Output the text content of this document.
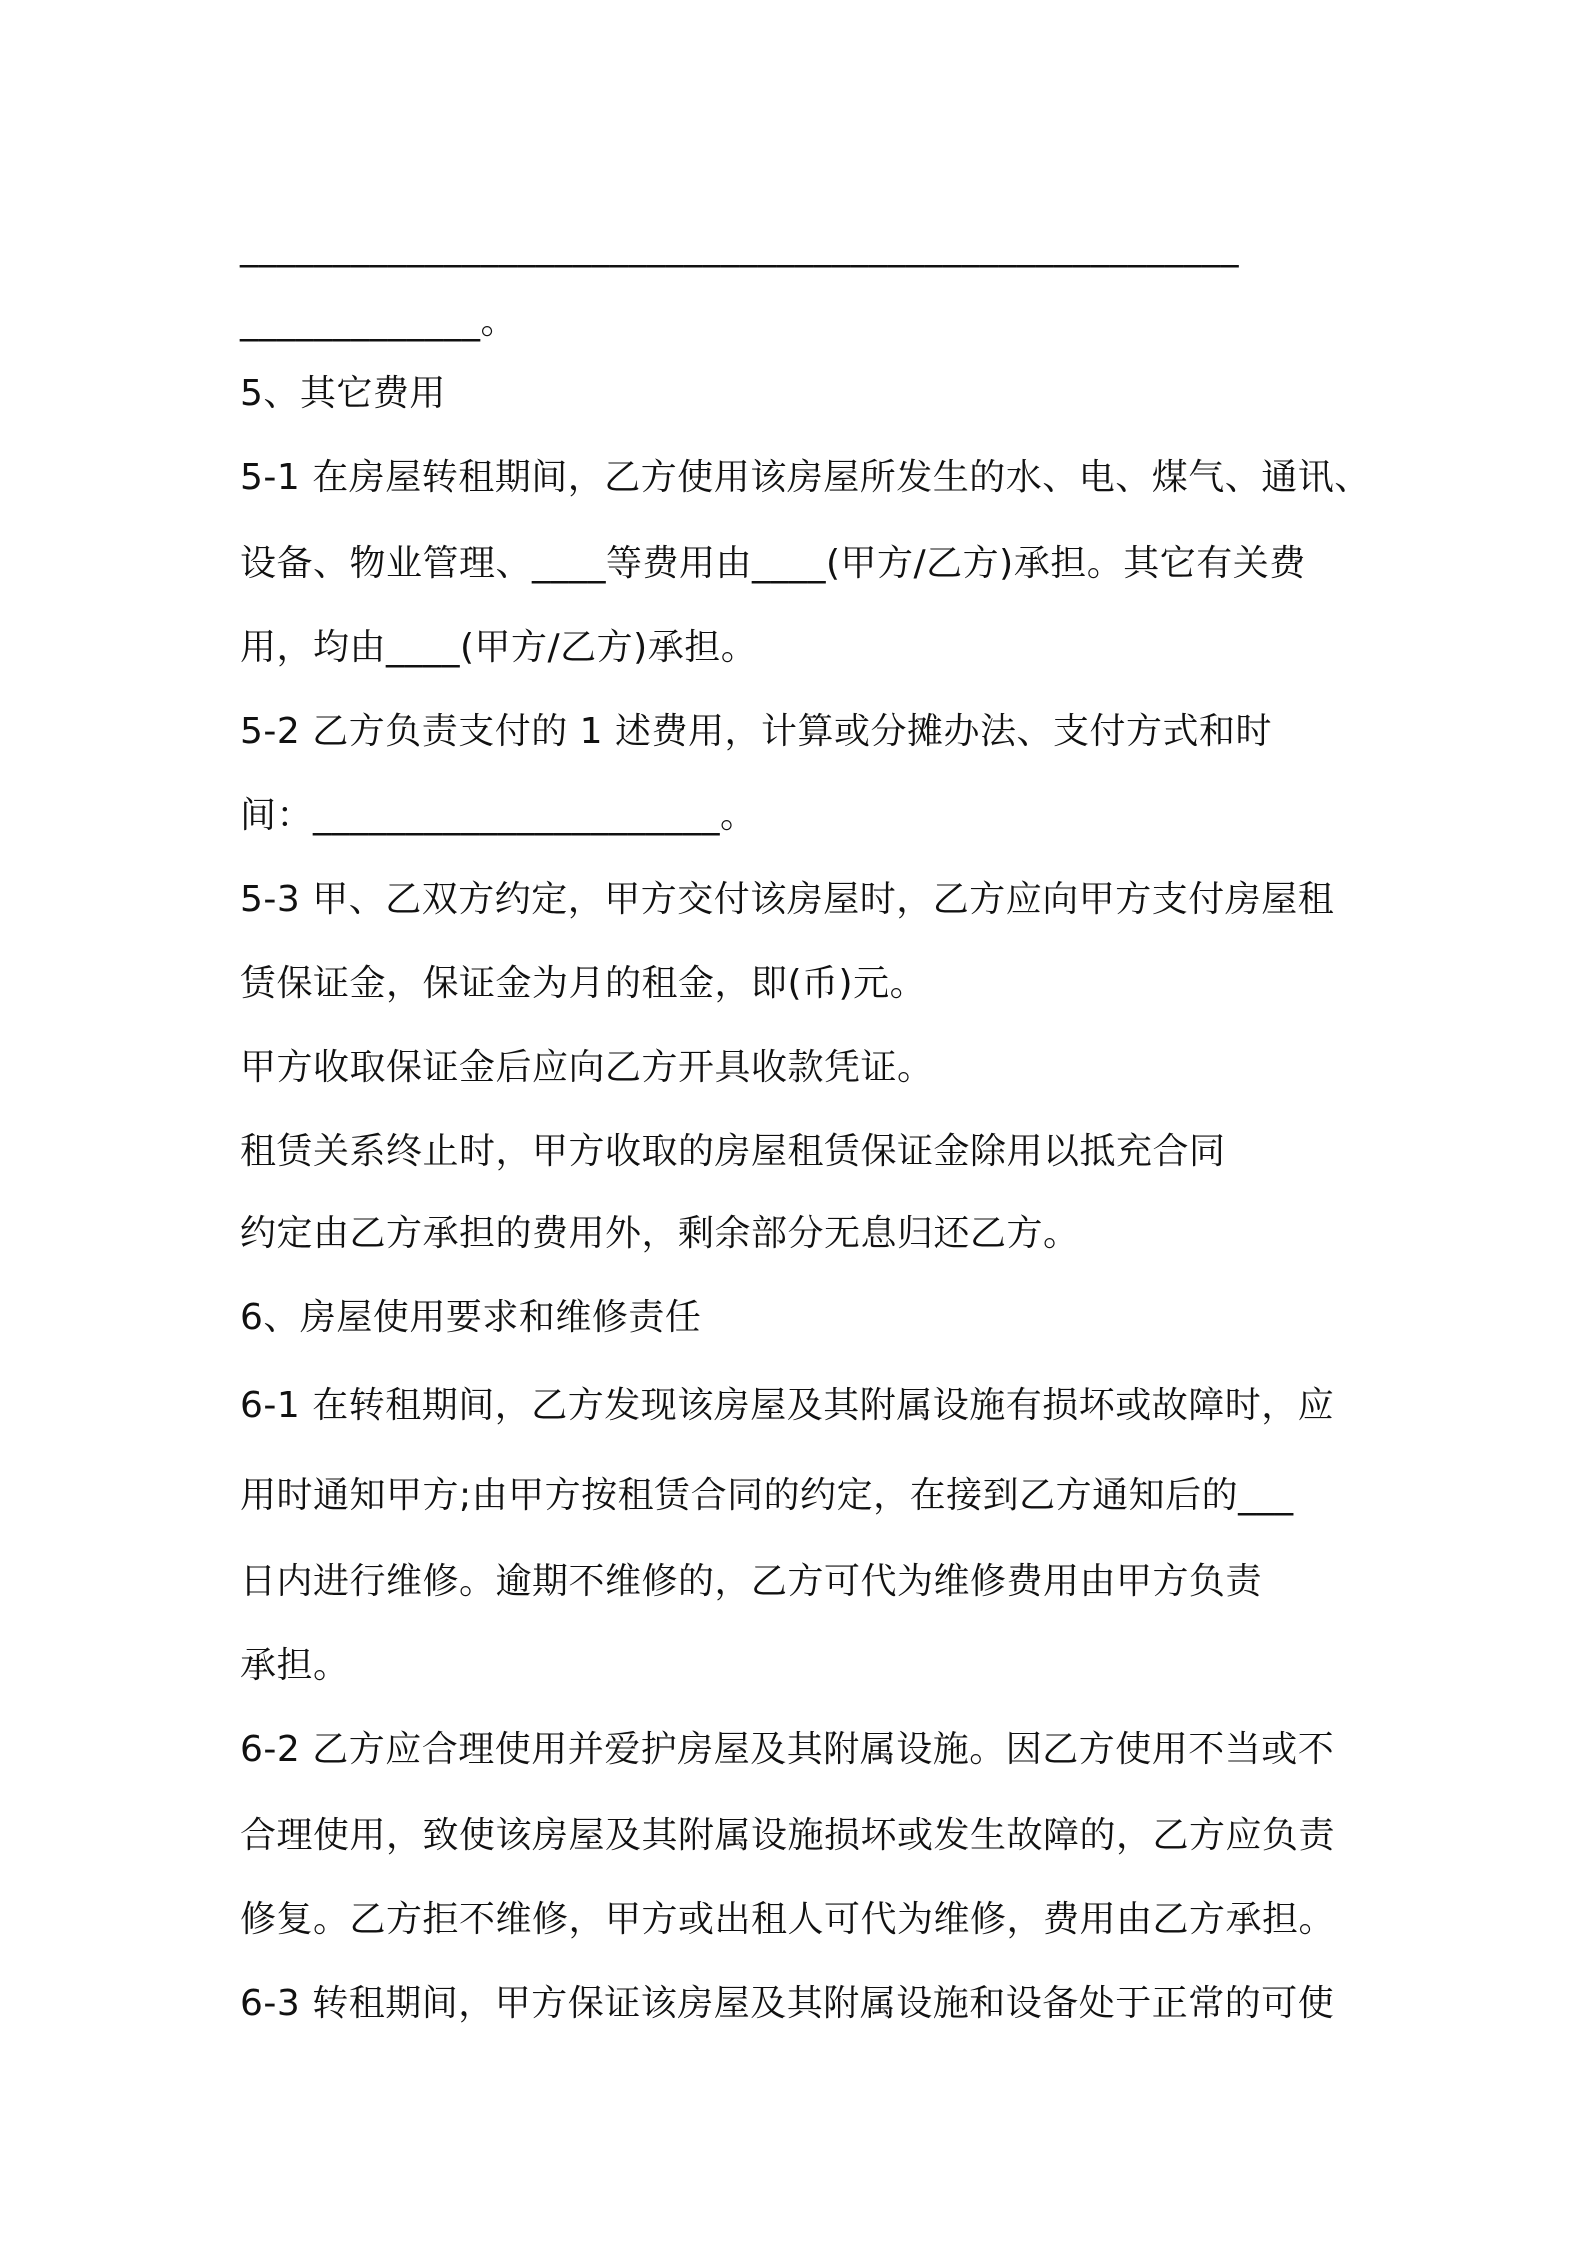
______________________________________________________
_____________。
5、其它费用
5-1 在房屋转租期间，乙方使用该房屋所发生的水、电、煤气、通讯、
设备、物业管理、____等费用由____(甲方/乙方)承担。其它有关费
用，均由____(甲方/乙方)承担。
5-2 乙方负责支付的 1 述费用，计算或分摊办法、支付方式和时
间：______________________。
5-3 甲、乙双方约定，甲方交付该房屋时，乙方应向甲方支付房屋租
赁保证金，保证金为月的租金，即(币)元。
甲方收取保证金后应向乙方开具收款凭证。
租赁关系终止时，甲方收取的房屋租赁保证金除用以抵充合同
约定由乙方承担的费用外，剩余部分无息归还乙方。
6、房屋使用要求和维修责任
6-1 在转租期间，乙方发现该房屋及其附属设施有损坏或故障时，应
用时通知甲方;由甲方按租赁合同的约定，在接到乙方通知后的___
日内进行维修。逾期不维修的，乙方可代为维修费用由甲方负责
承担。
6-2 乙方应合理使用并爱护房屋及其附属设施。因乙方使用不当或不
合理使用，致使该房屋及其附属设施损坏或发生故障的，乙方应负责
修复。乙方拒不维修，甲方或出租人可代为维修，费用由乙方承担。
6-3 转租期间，甲方保证该房屋及其附属设施和设备处于正常的可使
